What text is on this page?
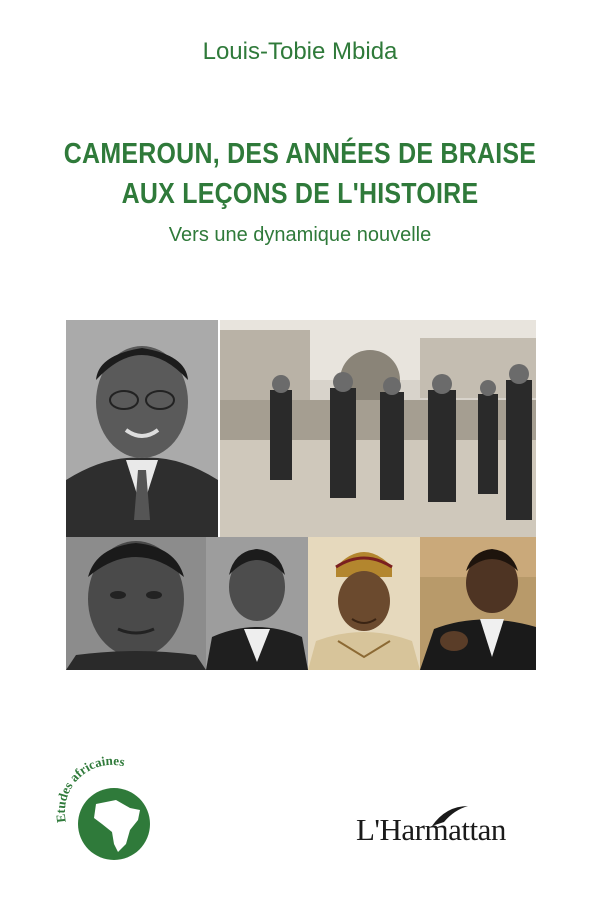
Louis-Tobie Mbida
CAMEROUN, DES ANNÉES DE BRAISE
AUX LEÇONS DE L'HISTOIRE
Vers une dynamique nouvelle
des africaines
L'Harmattan
